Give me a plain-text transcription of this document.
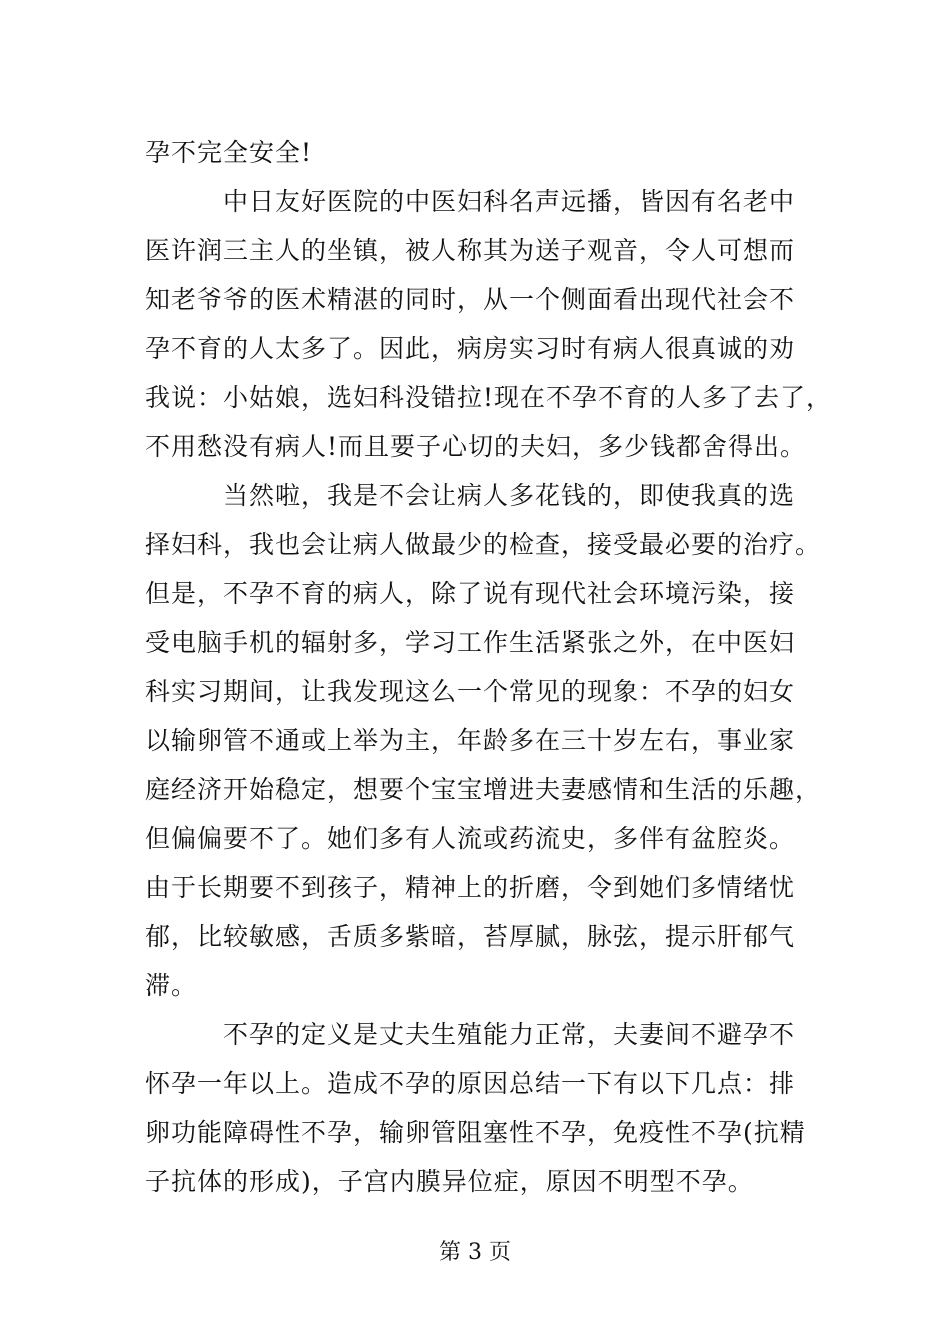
孕不完全安全!
　　　中日友好医院的中医妇科名声远播，皆因有名老中
医许润三主人的坐镇，被人称其为送子观音，令人可想而
知老爷爷的医术精湛的同时，从一个侧面看出现代社会不
孕不育的人太多了。因此，病房实习时有病人很真诚的劝
我说：小姑娘，选妇科没错拉!现在不孕不育的人多了去了，
不用愁没有病人!而且要子心切的夫妇，多少钱都舍得出。
　　　当然啦，我是不会让病人多花钱的，即使我真的选
择妇科，我也会让病人做最少的检查，接受最必要的治疗。
但是，不孕不育的病人，除了说有现代社会环境污染，接
受电脑手机的辐射多，学习工作生活紧张之外，在中医妇
科实习期间，让我发现这么一个常见的现象：不孕的妇女
以输卵管不通或上举为主，年龄多在三十岁左右，事业家
庭经济开始稳定，想要个宝宝增进夫妻感情和生活的乐趣，
但偏偏要不了。她们多有人流或药流史，多伴有盆腔炎。
由于长期要不到孩子，精神上的折磨，令到她们多情绪忧
郁，比较敏感，舌质多紫暗，苔厚腻，脉弦，提示肝郁气
滞。
　　　不孕的定义是丈夫生殖能力正常，夫妻间不避孕不
怀孕一年以上。造成不孕的原因总结一下有以下几点：排
卵功能障碍性不孕，输卵管阻塞性不孕，免疫性不孕(抗精
子抗体的形成)，子宫内膜异位症，原因不明型不孕。
第 3 页
